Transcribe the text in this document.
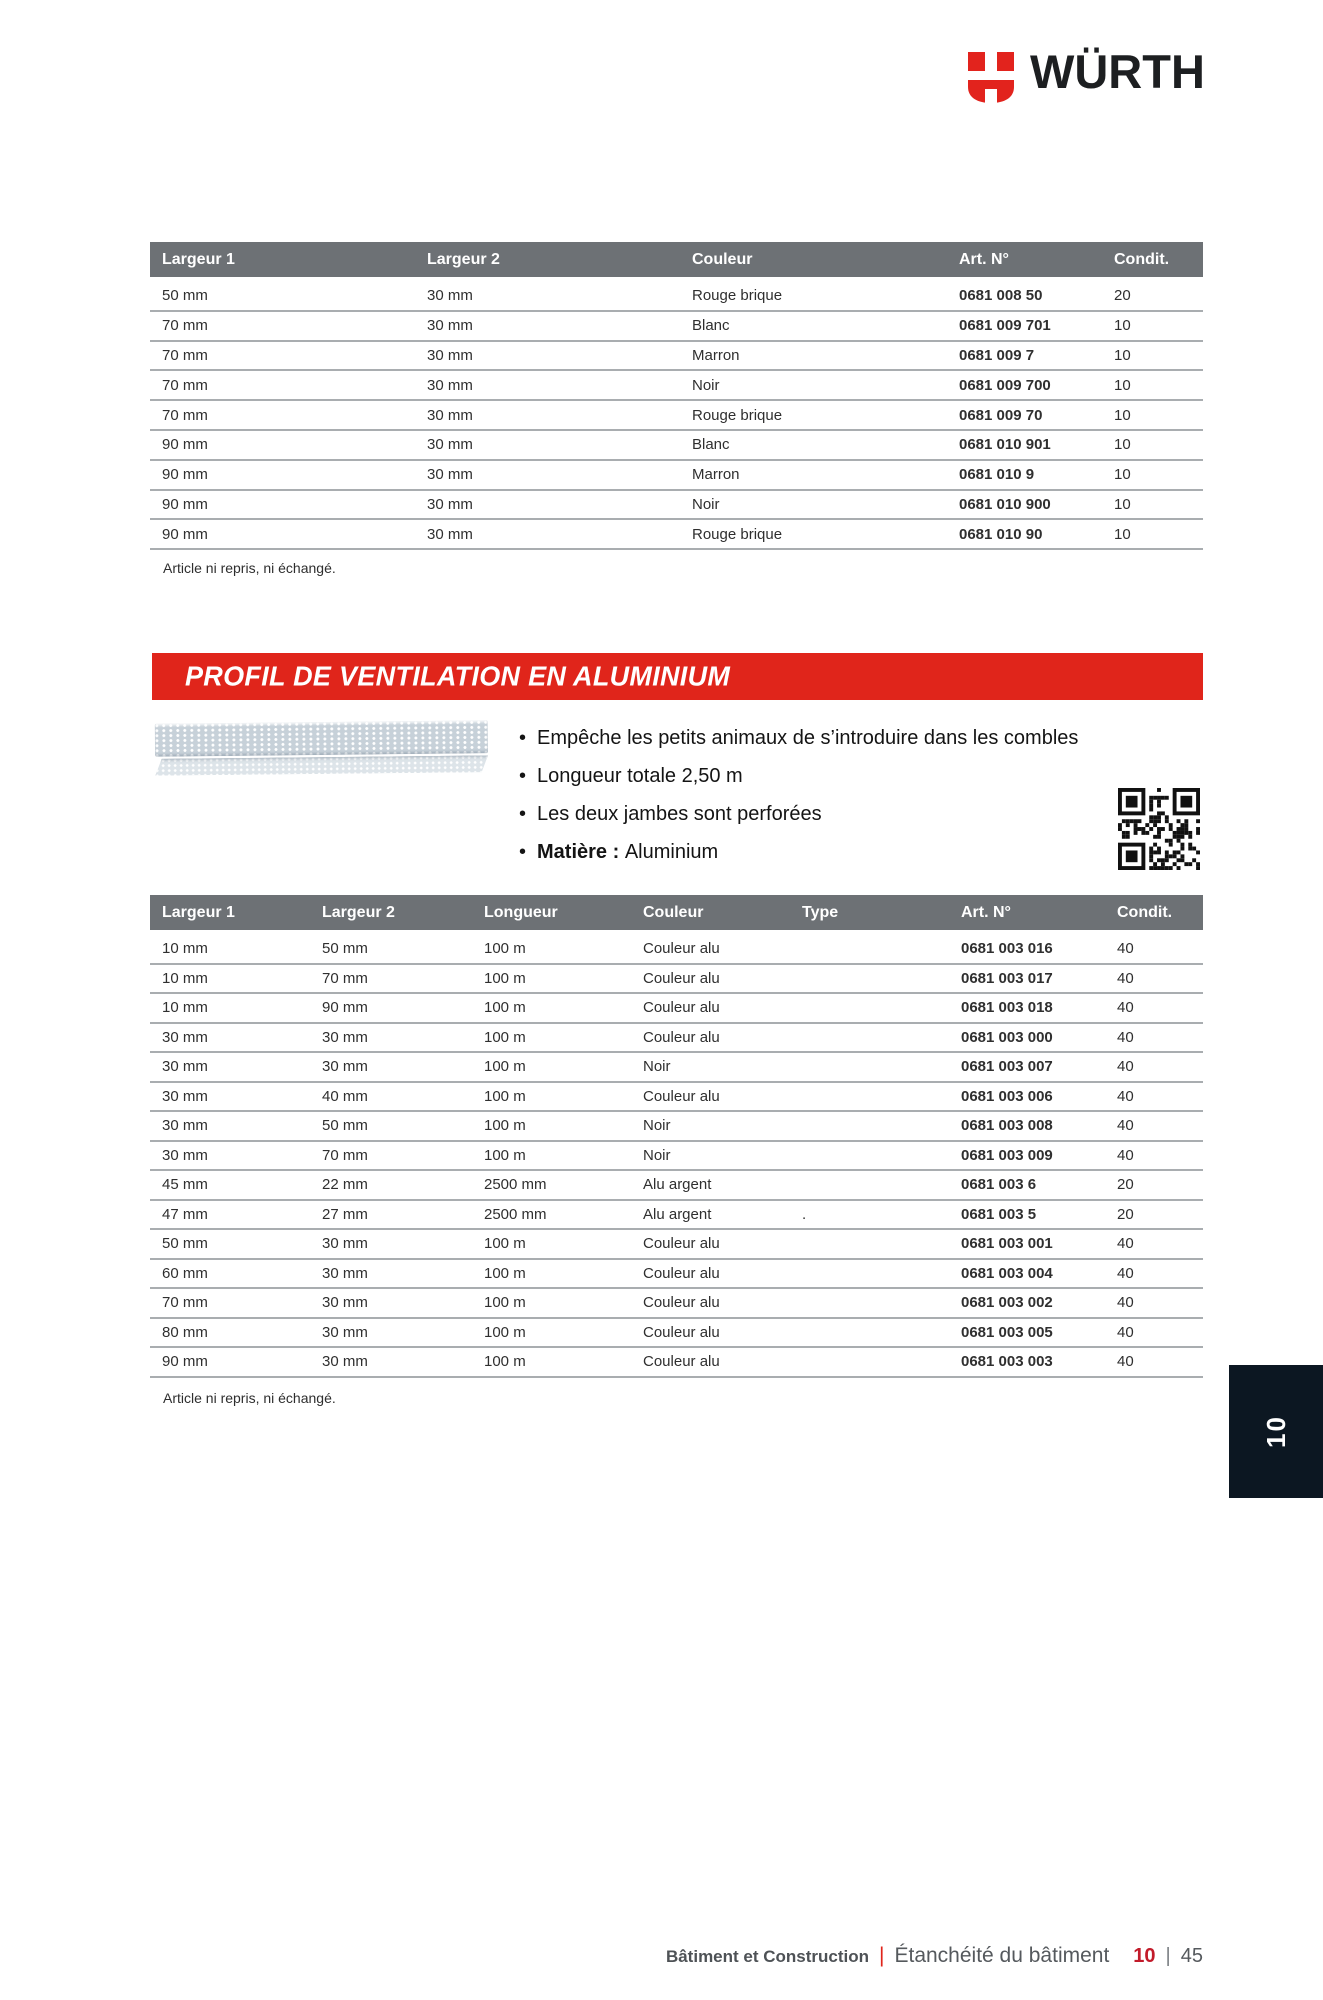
WÜRTH
Largeur 1	Largeur 2	Couleur	Art. N°	Condit.
50 mm	30 mm	Rouge brique	0681 008 50	20
70 mm	30 mm	Blanc	0681 009 701	10
70 mm	30 mm	Marron	0681 009 7	10
70 mm	30 mm	Noir	0681 009 700	10
70 mm	30 mm	Rouge brique	0681 009 70	10
90 mm	30 mm	Blanc	0681 010 901	10
90 mm	30 mm	Marron	0681 010 9	10
90 mm	30 mm	Noir	0681 010 900	10
90 mm	30 mm	Rouge brique	0681 010 90	10
Article ni repris, ni échangé.
PROFIL DE VENTILATION EN ALUMINIUM
• Empêche les petits animaux de s’introduire dans les combles
• Longueur totale 2,50 m
• Les deux jambes sont perforées
• Matière : Aluminium
Largeur 1	Largeur 2	Longueur	Couleur	Type	Art. N°	Condit.
10 mm	50 mm	100 m	Couleur alu		0681 003 016	40
10 mm	70 mm	100 m	Couleur alu		0681 003 017	40
10 mm	90 mm	100 m	Couleur alu		0681 003 018	40
30 mm	30 mm	100 m	Couleur alu		0681 003 000	40
30 mm	30 mm	100 m	Noir		0681 003 007	40
30 mm	40 mm	100 m	Couleur alu		0681 003 006	40
30 mm	50 mm	100 m	Noir		0681 003 008	40
30 mm	70 mm	100 m	Noir		0681 003 009	40
45 mm	22 mm	2500 mm	Alu argent		0681 003 6	20
47 mm	27 mm	2500 mm	Alu argent	.	0681 003 5	20
50 mm	30 mm	100 m	Couleur alu		0681 003 001	40
60 mm	30 mm	100 m	Couleur alu		0681 003 004	40
70 mm	30 mm	100 m	Couleur alu		0681 003 002	40
80 mm	30 mm	100 m	Couleur alu		0681 003 005	40
90 mm	30 mm	100 m	Couleur alu		0681 003 003	40
Article ni repris, ni échangé.
10
Bâtiment et Construction | Étanchéité du bâtiment 10 | 45
